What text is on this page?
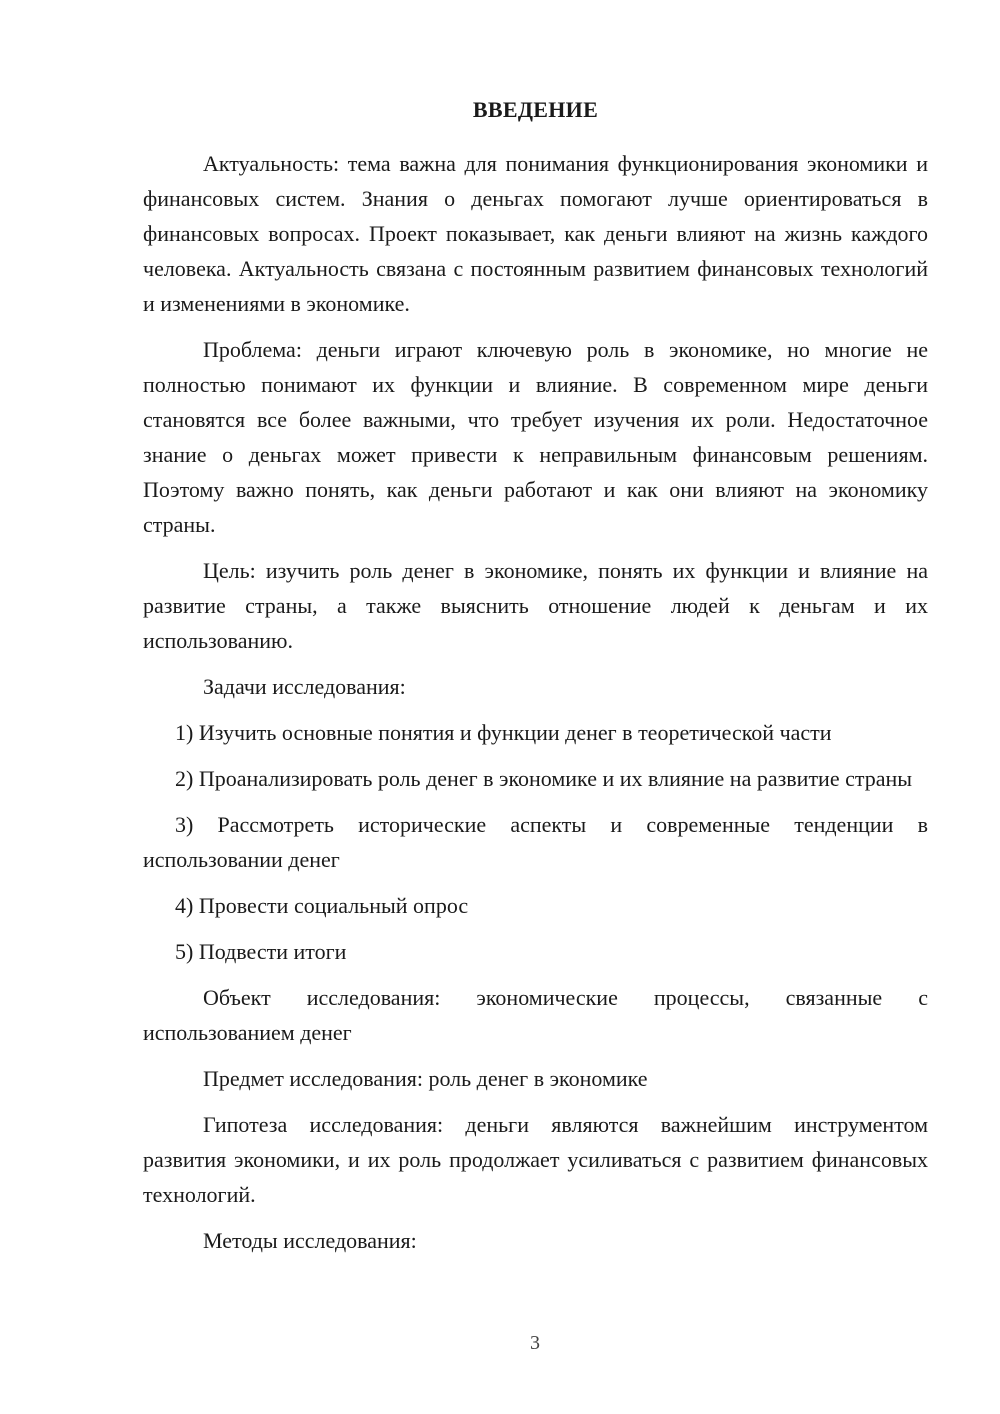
ВВЕДЕНИЕ

Актуальность: тема важна для понимания функционирования экономики и финансовых систем. Знания о деньгах помогают лучше ориентироваться в финансовых вопросах. Проект показывает, как деньги влияют на жизнь каждого человека. Актуальность связана с постоянным развитием финансовых технологий и изменениями в экономике.

Проблема: деньги играют ключевую роль в экономике, но многие не полностью понимают их функции и влияние. В современном мире деньги становятся все более важными, что требует изучения их роли. Недостаточное знание о деньгах может привести к неправильным финансовым решениям. Поэтому важно понять, как деньги работают и как они влияют на экономику страны.

Цель: изучить роль денег в экономике, понять их функции и влияние на развитие страны, а также выяснить отношение людей к деньгам и их использованию.

Задачи исследования:

1) Изучить основные понятия и функции денег в теоретической части

2) Проанализировать роль денег в экономике и их влияние на развитие страны

3) Рассмотреть исторические аспекты и современные тенденции в использовании денег

4) Провести социальный опрос

5) Подвести итоги

Объект исследования: экономические процессы, связанные с использованием денег

Предмет исследования: роль денег в экономике

Гипотеза исследования: деньги являются важнейшим инструментом развития экономики, и их роль продолжает усиливаться с развитием финансовых технологий.

Методы исследования:

3
